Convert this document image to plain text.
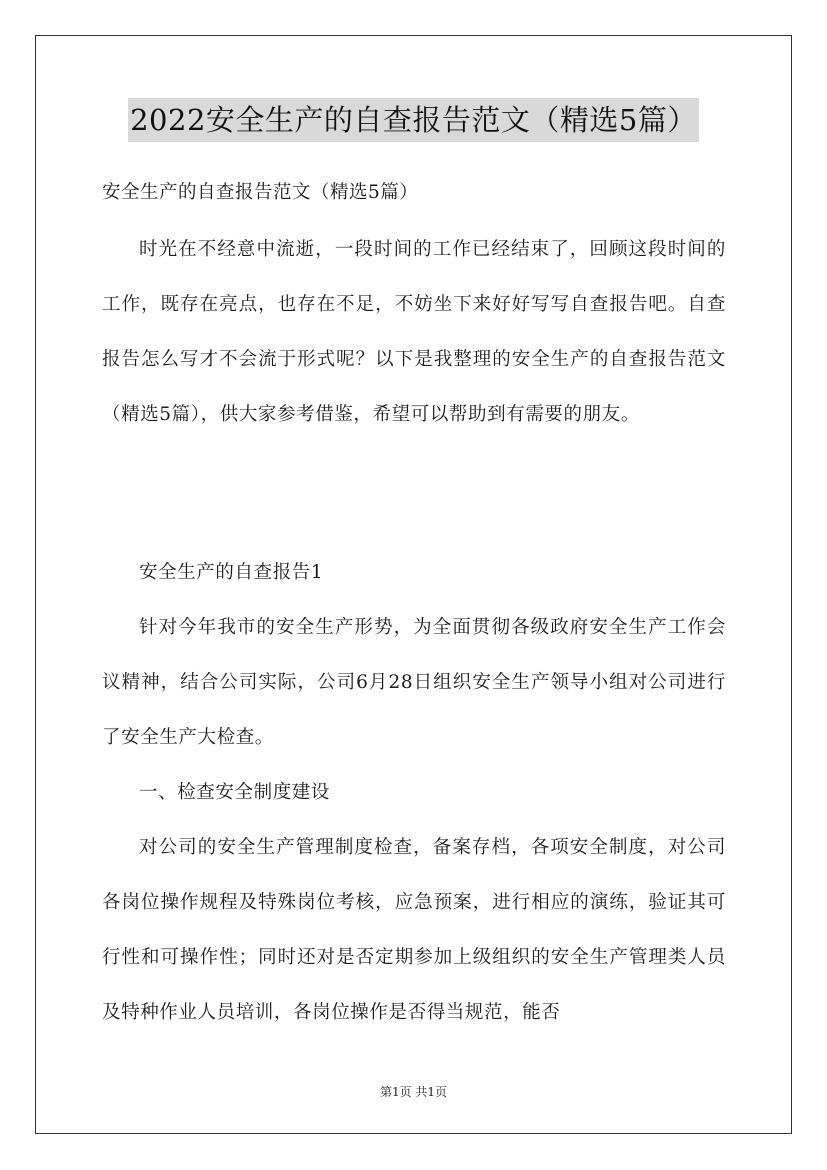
2022安全生产的自查报告范文（精选5篇）
安全生产的自查报告范文（精选5篇）

时光在不经意中流逝，一段时间的工作已经结束了，回顾这段时间的工作，既存在亮点，也存在不足，不妨坐下来好好写写自查报告吧。自查报告怎么写才不会流于形式呢？以下是我整理的安全生产的自查报告范文（精选5篇），供大家参考借鉴，希望可以帮助到有需要的朋友。

安全生产的自查报告1

针对今年我市的安全生产形势，为全面贯彻各级政府安全生产工作会议精神，结合公司实际，公司6月28日组织安全生产领导小组对公司进行了安全生产大检查。

一、检查安全制度建设

对公司的安全生产管理制度检查，备案存档，各项安全制度，对公司各岗位操作规程及特殊岗位考核，应急预案，进行相应的演练，验证其可行性和可操作性；同时还对是否定期参加上级组织的安全生产管理类人员及特种作业人员培训，各岗位操作是否得当规范，能否

第1页 共1页
